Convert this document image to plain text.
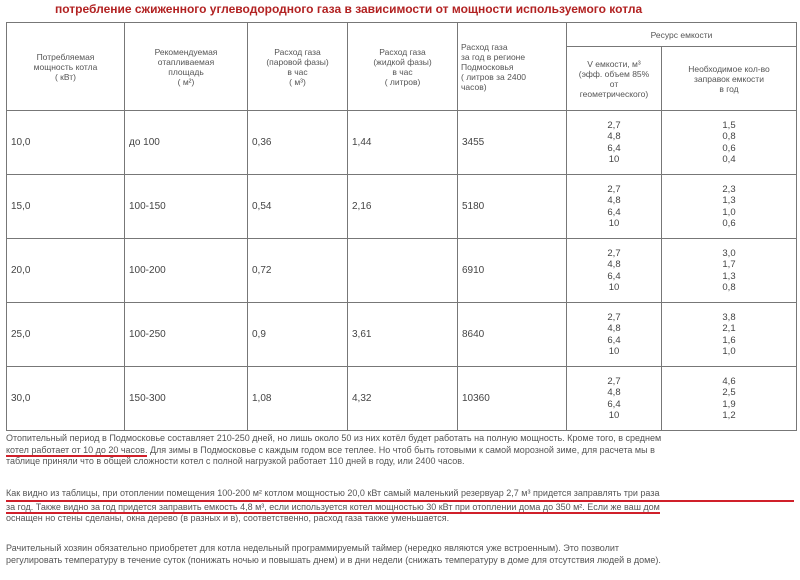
потребление сжиженного углеводородного газа в зависимости от мощности используемого котла
Потребляемая
мощность котла
( кВт)	Рекомендуемая
отапливаемая
площадь
( м²)	Расход газа
(паровой фазы)
в час
( м³)	Расход газа
(жидкой фазы)
в час
( литров)	Расход газа
за год в регионе
Подмосковья
( литров за 2400
часов)	Ресурс емкости	

					V емкости, м³
(эфф. объем 85%
от
геометрического)	Необходимое кол-во
заправок емкости
в год

10,0	до 100	0,36	1,44	3455	2,7
4,8
6,4
10	1,5
0,8
0,6
0,4

15,0	100-150	0,54	2,16	5180	2,7
4,8
6,4
10	2,3
1,3
1,0
0,6

20,0	100-200	0,72		6910	2,7
4,8
6,4
10	3,0
1,7
1,3
0,8

25,0	100-250	0,9	3,61	8640	2,7
4,8
6,4
10	3,8
2,1
1,6
1,0

30,0	150-300	1,08	4,32	10360	2,7
4,8
6,4
10	4,6
2,5
1,9
1,2
Отопительный период в Подмосковье составляет 210-250 дней, но лишь около 50 из них котёл будет работать на полную мощность. Кроме того, в среднем
котел работает от 10 до 20 часов. Для зимы в Подмосковье с каждым годом все теплее. Но чтоб быть готовыми к самой морозной зиме, для расчета мы в
таблице приняли что в общей сложности котел с полной нагрузкой работает 110 дней в году, или 2400 часов.
Как видно из таблицы, при отоплении помещения 100-200 м² котлом мощностью 20,0 кВт самый маленький резервуар 2,7 м³ придется заправлять три раза
за год. Также видно за год придется заправить емкость 4,8 м³, если используется котел мощностью 30 кВт при отоплении дома до 350 м². Если же ваш дом
оснащен но стены сделаны, окна дерево (в разных и в), соответственно, расход газа также уменьшается.
Рачительный хозяин обязательно приобретет для котла недельный программируемый таймер (нередко являются уже встроенным). Это позволит
регулировать температуру в течение суток (понижать ночью и повышать днем) и в дни недели (снижать температуру в доме для отсутствия людей в доме).
